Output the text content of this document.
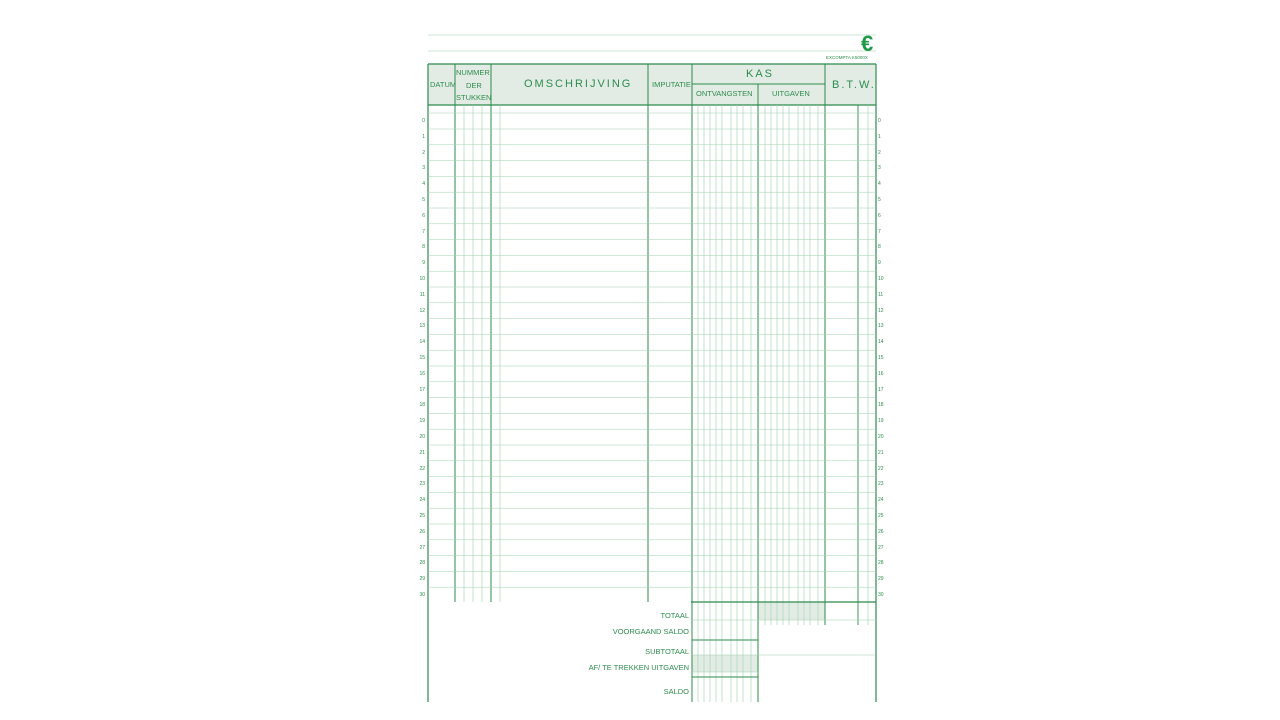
€
EXCOMPTA K5000X
DATUM
NUMMER
DER
STUKKEN
OMSCHRIJVING	IMPUTATIE
KAS
ONTVANGSTEN	UITGAVEN
B.T.W.
0
1
2
3
4
5
6
7
8
9
10
11
12
13
14
15
16
17
18
19
20
21
22
23
24
25
26
27
28
29
30
0
1
2
3
4
5
6
7
8
9
10
11
12
13
14
15
16
17
18
19
20
21
22
23
24
25
26
27
28
29
30
TOTAAL
VOORGAAND SALDO
SUBTOTAAL
AF/ TE TREKKEN UITGAVEN
SALDO
